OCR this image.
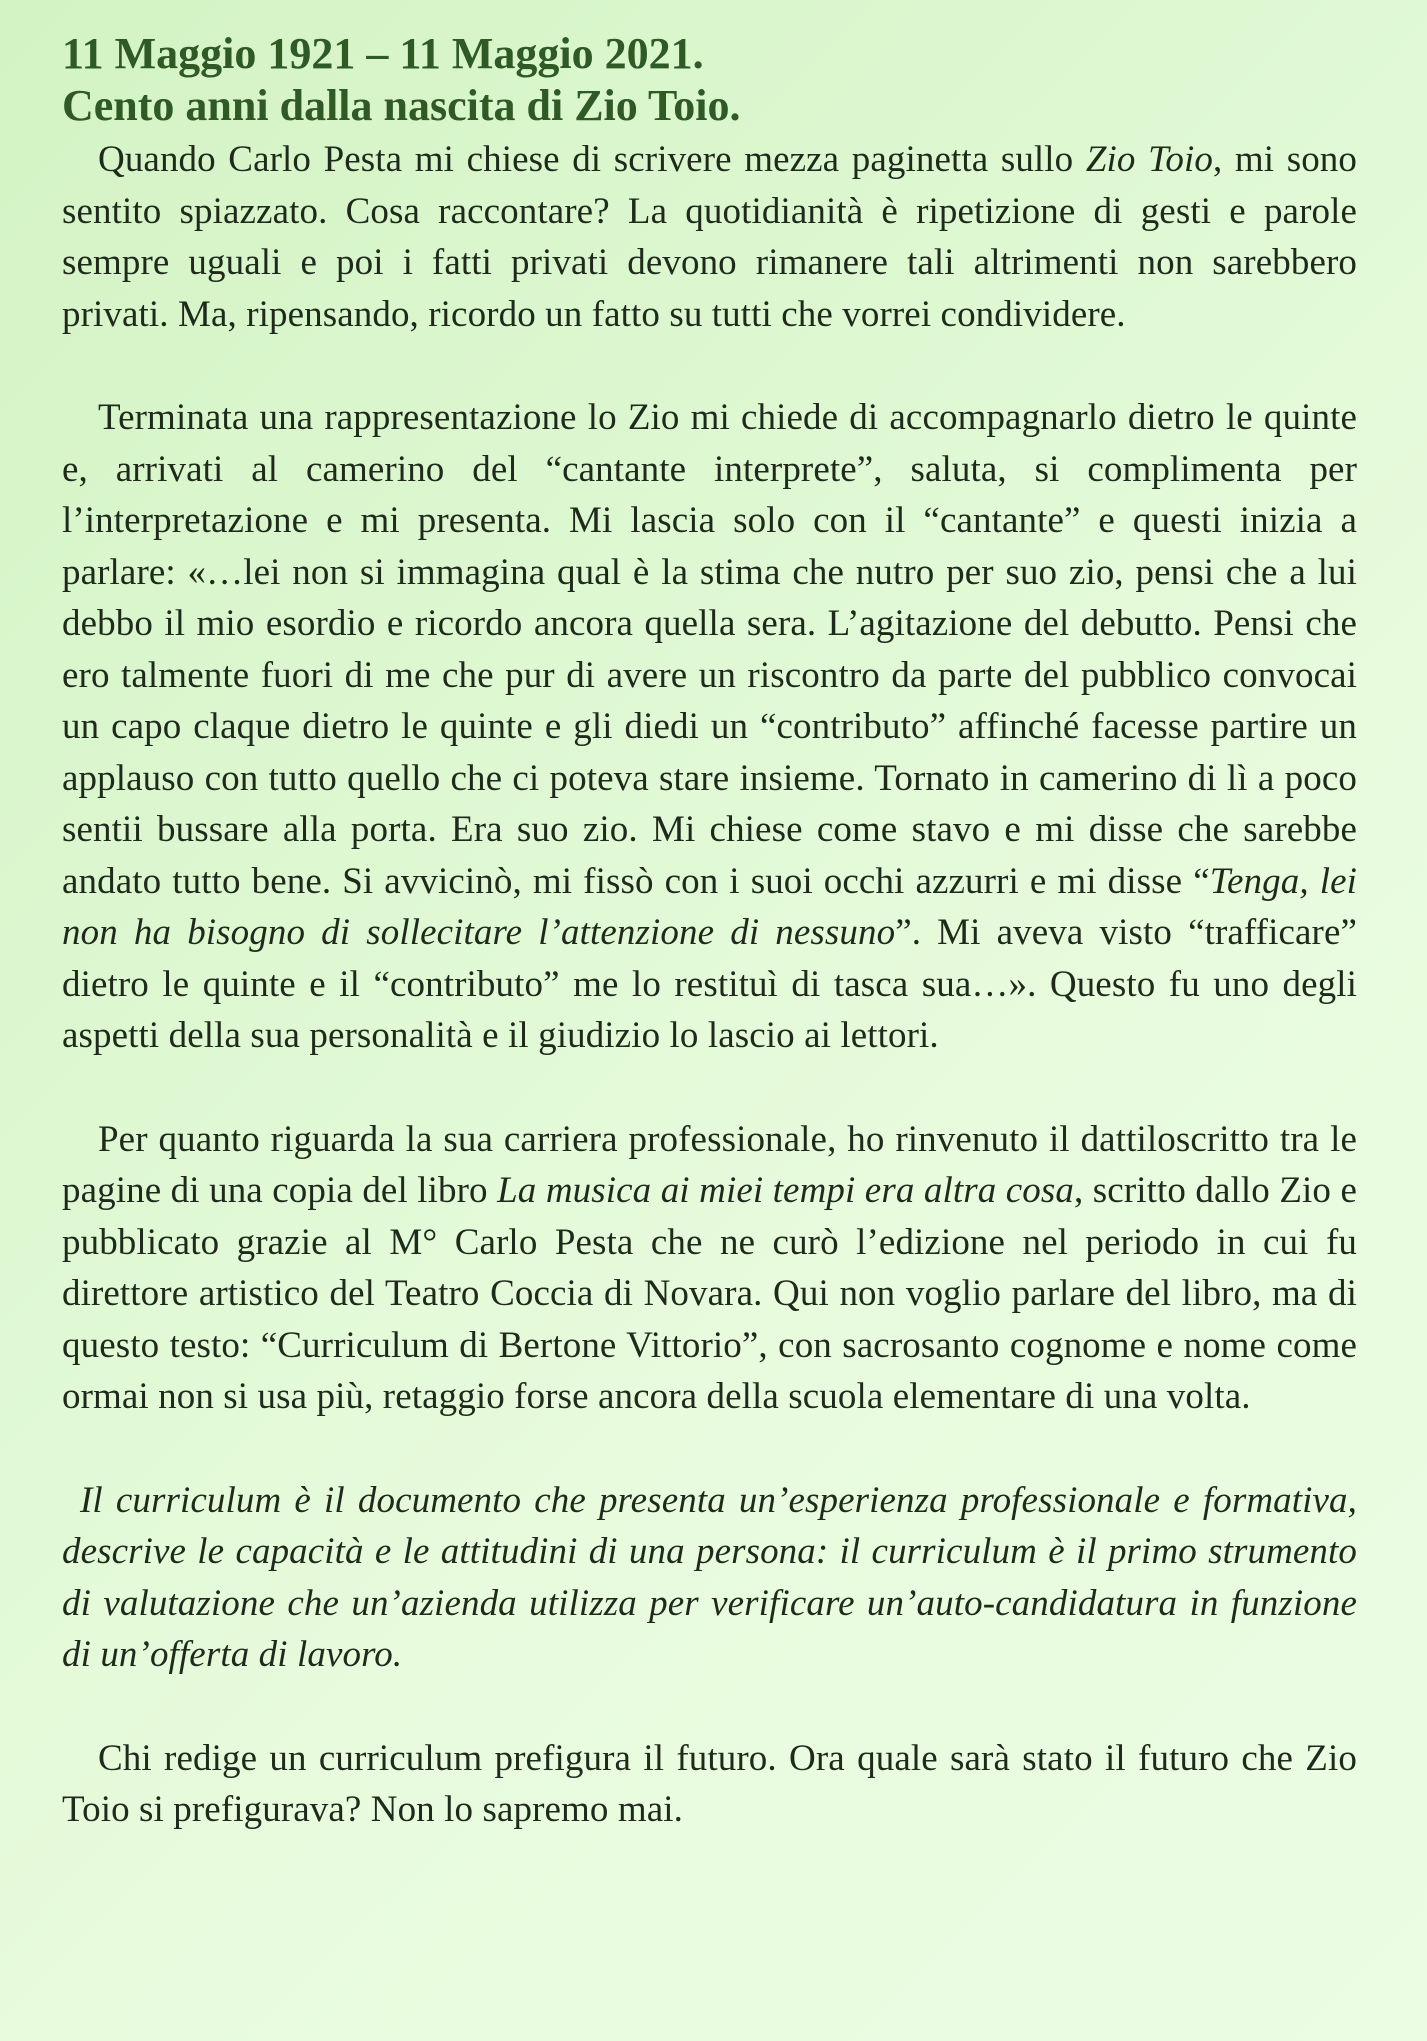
11 Maggio 1921 – 11 Maggio 2021.
Cento anni dalla nascita di Zio Toio.

Quando Carlo Pesta mi chiese di scrivere mezza paginetta sullo Zio Toio, mi sono sentito spiazzato. Cosa raccontare? La quotidianità è ripetizione di gesti e parole sempre uguali e poi i fatti privati devono rimanere tali altrimenti non sarebbero privati. Ma, ripensando, ricordo un fatto su tutti che vorrei condividere.

Terminata una rappresentazione lo Zio mi chiede di accompagnarlo dietro le quinte e, arrivati al camerino del “cantante interprete”, saluta, si complimenta per l’interpretazione e mi presenta. Mi lascia solo con il “cantante” e questi inizia a parlare: «…lei non si immagina qual è la stima che nutro per suo zio, pensi che a lui debbo il mio esordio e ricordo ancora quella sera. L’agitazione del debutto. Pensi che ero talmente fuori di me che pur di avere un riscontro da parte del pubblico convocai un capo claque dietro le quinte e gli diedi un “contributo” affinché facesse partire un applauso con tutto quello che ci poteva stare insieme. Tornato in camerino di lì a poco sentii bussare alla porta. Era suo zio. Mi chiese come stavo e mi disse che sarebbe andato tutto bene. Si avvicinò, mi fissò con i suoi occhi azzurri e mi disse “Tenga, lei non ha bisogno di sollecitare l’attenzione di nessuno”. Mi aveva visto “trafficare” dietro le quinte e il “contributo” me lo restituì di tasca sua…». Questo fu uno degli aspetti della sua personalità e il giudizio lo lascio ai lettori.

Per quanto riguarda la sua carriera professionale, ho rinvenuto il dattiloscritto tra le pagine di una copia del libro La musica ai miei tempi era altra cosa, scritto dallo Zio e pubblicato grazie al M° Carlo Pesta che ne curò l’edizione nel periodo in cui fu direttore artistico del Teatro Coccia di Novara. Qui non voglio parlare del libro, ma di questo testo: “Curriculum di Bertone Vittorio”, con sacrosanto cognome e nome come ormai non si usa più, retaggio forse ancora della scuola elementare di una volta.

Il curriculum è il documento che presenta un’esperienza professionale e formativa, descrive le capacità e le attitudini di una persona: il curriculum è il primo strumento di valutazione che un’azienda utilizza per verificare un’auto-candidatura in funzione di un’offerta di lavoro.

Chi redige un curriculum prefigura il futuro. Ora quale sarà stato il futuro che Zio Toio si prefigurava? Non lo sapremo mai.
